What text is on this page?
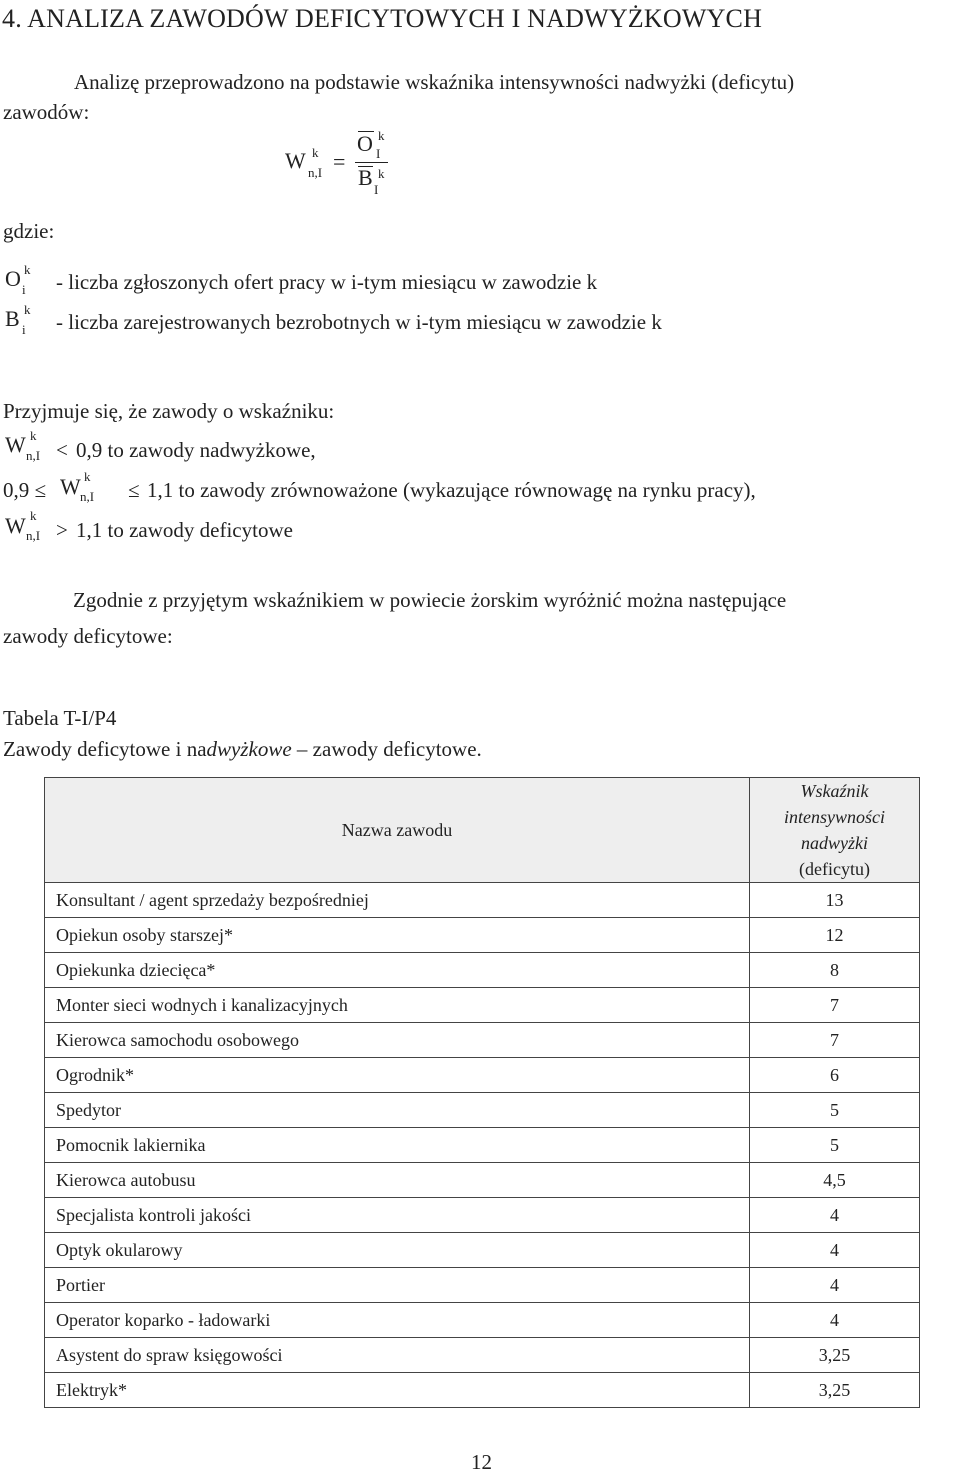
4. ANALIZA ZAWODÓW DEFICYTOWYCH I NADWYŻKOWYCH
Analizę przeprowadzono na podstawie wskaźnika intensywności nadwyżki (deficytu)
zawodów:
W k
n,I =
O k
I
B k
I
gdzie:
O k
i - liczba zgłoszonych ofert pracy w i-tym miesiącu w zawodzie k
B k
i - liczba zarejestrowanych bezrobotnych w i-tym miesiącu w zawodzie k
Przyjmuje się, że zawody o wskaźniku:
W k
n,I < 0,9 to zawody nadwyżkowe,
0,9 ≤ W k
n,I ≤ 1,1 to zawody zrównoważone (wykazujące równowagę na rynku pracy),
W k
n,I > 1,1 to zawody deficytowe
Zgodnie z przyjętym wskaźnikiem w powiecie żorskim wyróżnić można następujące
zawody deficytowe:
Tabela T-I/P4
Zawody deficytowe i nadwyżkowe – zawody deficytowe.
Nazwa zawodu	Wskaźnik
intensywności
nadwyżki
(deficytu)

Konsultant / agent sprzedaży bezpośredniej	13
Opiekun osoby starszej*	12
Opiekunka dziecięca*	8
Monter sieci wodnych i kanalizacyjnych	7
Kierowca samochodu osobowego	7
Ogrodnik*	6
Spedytor	5
Pomocnik lakiernika	5
Kierowca autobusu	4,5
Specjalista kontroli jakości	4
Optyk okularowy	4
Portier	4
Operator koparko - ładowarki	4
Asystent do spraw księgowości	3,25
Elektryk*	3,25
12
